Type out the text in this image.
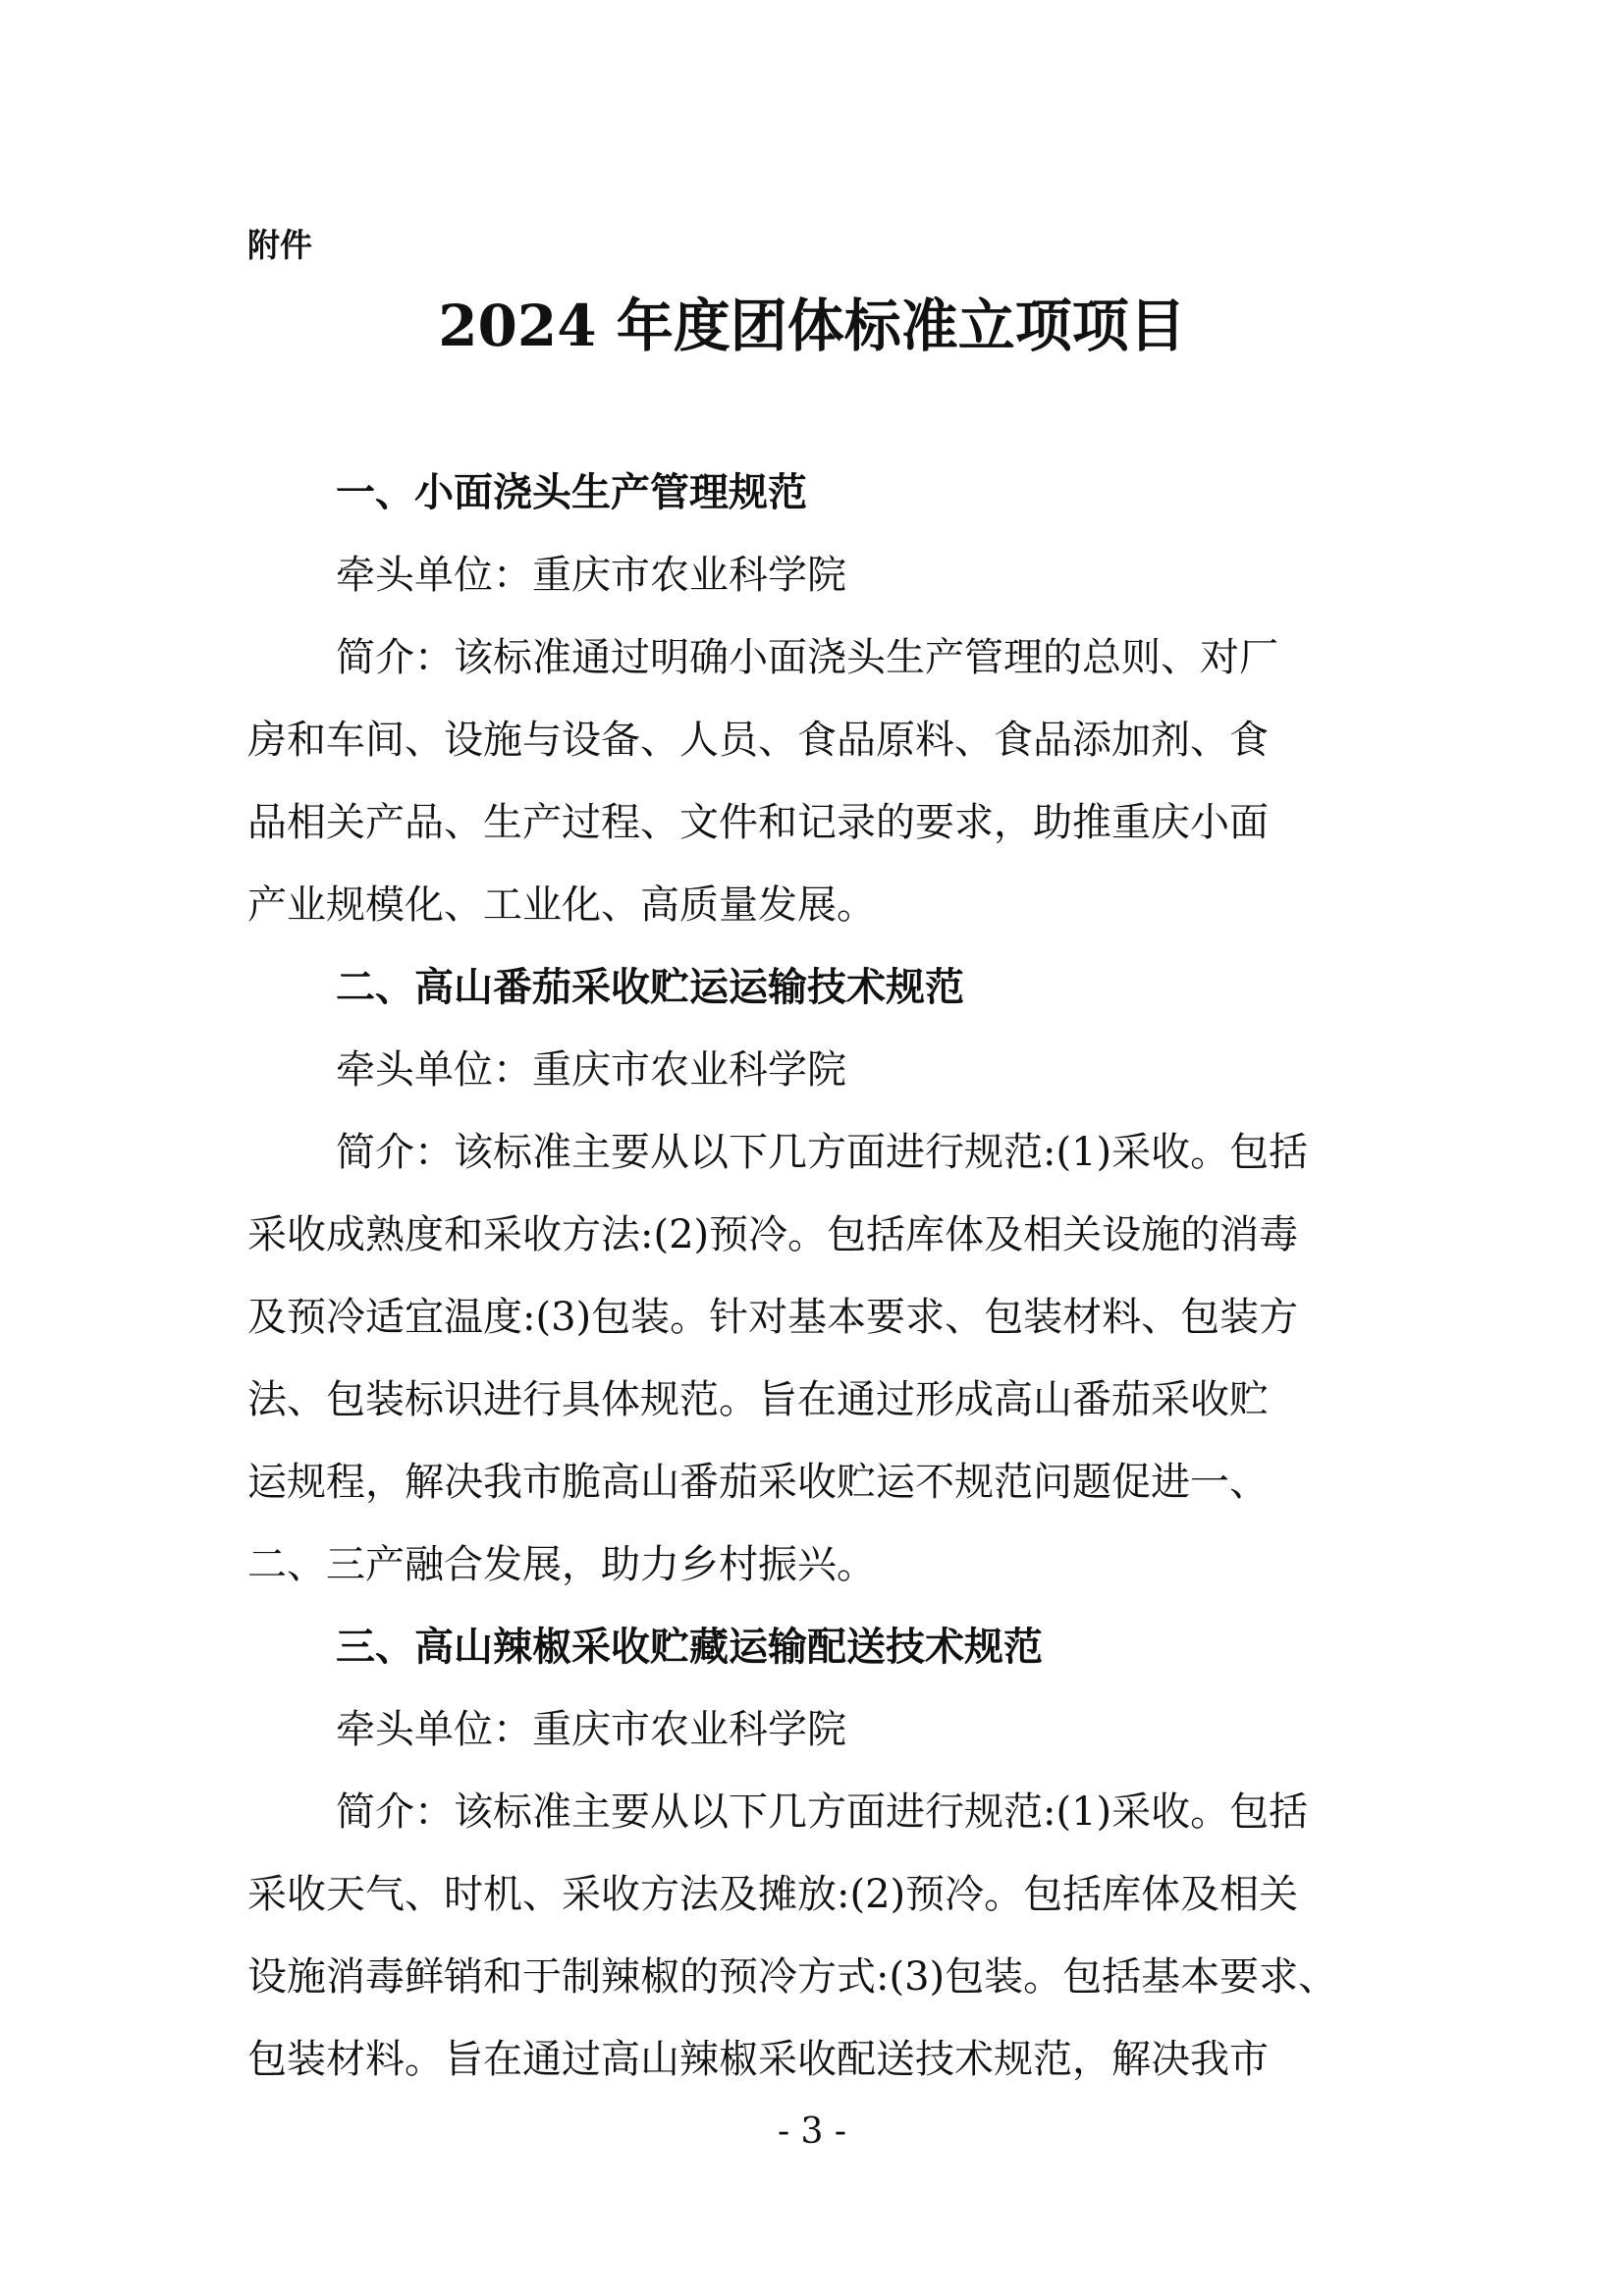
附件

2024 年度团体标准立项项目
一、小面浇头生产管理规范

牵头单位：重庆市农业科学院

简介：该标准通过明确小面浇头生产管理的总则、对厂
房和车间、设施与设备、人员、食品原料、食品添加剂、食
品相关产品、生产过程、文件和记录的要求，助推重庆小面
产业规模化、工业化、高质量发展。

二、高山番茄采收贮运运输技术规范

牵头单位：重庆市农业科学院

简介：该标准主要从以下几方面进行规范:(1)采收。包括
采收成熟度和采收方法:(2)预冷。包括库体及相关设施的消毒
及预冷适宜温度:(3)包装。针对基本要求、包装材料、包装方
法、包装标识进行具体规范。旨在通过形成高山番茄采收贮
运规程，解决我市脆高山番茄采收贮运不规范问题促进一、
二、三产融合发展，助力乡村振兴。

三、高山辣椒采收贮藏运输配送技术规范

牵头单位：重庆市农业科学院

简介：该标准主要从以下几方面进行规范:(1)采收。包括
采收天气、时机、采收方法及摊放:(2)预冷。包括库体及相关
设施消毒鲜销和于制辣椒的预冷方式:(3)包装。包括基本要求、
包装材料。旨在通过高山辣椒采收配送技术规范，解决我市

- 3 -
